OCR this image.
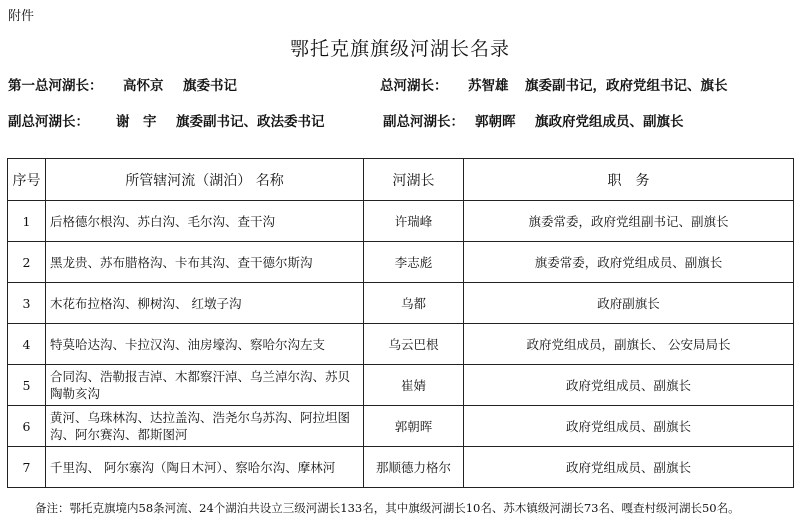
附件
鄂托克旗旗级河湖长名录
第一总河湖长： 高怀京 旗委书记	总河湖长： 苏智雄 旗委副书记，政府党组书记、旗长
副总河湖长： 谢　宇 旗委副书记、政法委书记	副总河湖长： 郭朝晖 旗政府党组成员、副旗长
序号	所管辖河流（湖泊） 名称	河湖长	职　务
1	后格德尔根沟、苏白沟、毛尔沟、查干沟	许瑞峰	旗委常委，政府党组副书记、副旗长
2	黑龙贵、苏布腊格沟、卡布其沟、查干德尔斯沟	李志彪	旗委常委，政府党组成员、副旗长
3	木花布拉格沟、柳树沟、 红墩子沟	乌都	政府副旗长
4	特莫哈达沟、卡拉汉沟、油房壕沟、察哈尔沟左支	乌云巴根	政府党组成员，副旗长、 公安局局长
5	合同沟、浩勒报吉淖、木都察汗淖、乌兰淖尔沟、苏贝陶勒亥沟	崔婧	政府党组成员、副旗长
6	黄河、乌珠林沟、达拉盖沟、浩尧尔乌苏沟、阿拉坦图沟、阿尔赛沟、都斯图河	郭朝晖	政府党组成员、副旗长
7	千里沟、 阿尔寨沟（陶日木河）、察哈尔沟、摩林河	那顺德力格尔	政府党组成员、副旗长
备注：鄂托克旗境内58条河流、24个湖泊共设立三级河湖长133名，其中旗级河湖长10名、苏木镇级河湖长73名、嘎查村级河湖长50名。
